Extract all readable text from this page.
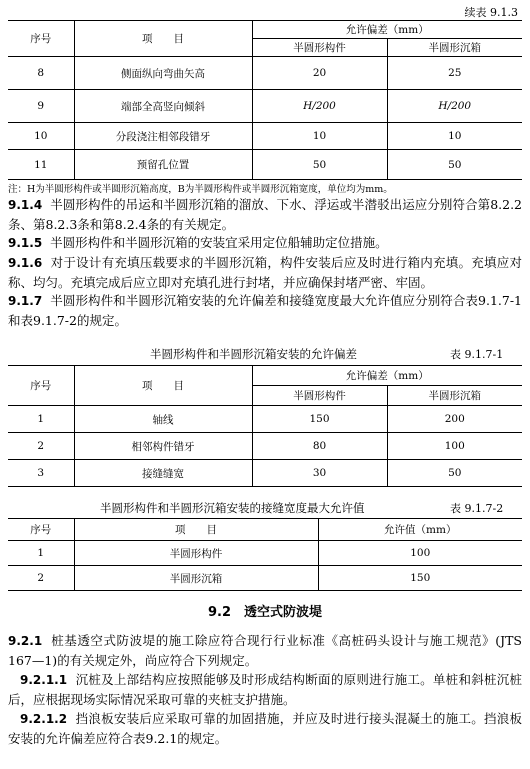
续表 9.1.3
序号	项　　目	允许偏差（mm）	
		半圆形构件	半圆形沉箱
8	侧面纵向弯曲矢高	20	25
9	端部全高竖向倾斜	H/200	H/200
10	分段浇注相邻段错牙	10	10
11	预留孔位置	50	50
注：H为半圆形构件或半圆形沉箱高度，B为半圆形构件或半圆形沉箱宽度，单位均为mm。
9.1.4 半圆形构件的吊运和半圆形沉箱的溜放、下水、浮运或半潜驳出运应分别符合第8.2.2条、第8.2.3条和第8.2.4条的有关规定。
9.1.5 半圆形构件和半圆形沉箱的安装宜采用定位船辅助定位措施。
9.1.6 对于设计有充填压载要求的半圆形沉箱，构件安装后应及时进行箱内充填。充填应对称、均匀。充填完成后应立即对充填孔进行封堵，并应确保封堵严密、牢固。
9.1.7 半圆形构件和半圆形沉箱安装的允许偏差和接缝宽度最大允许值应分别符合表9.1.7-1和表9.1.7-2的规定。
半圆形构件和半圆形沉箱安装的允许偏差	表 9.1.7-1
序号	项　　目	允许偏差（mm）	
		半圆形构件	半圆形沉箱
1	轴线	150	200
2	相邻构件错牙	80	100
3	接缝缝宽	30	50
半圆形构件和半圆形沉箱安装的接缝宽度最大允许值	表 9.1.7-2
序号	项　　目	允许值（mm）
1	半圆形构件	100
2	半圆形沉箱	150
9.2　透空式防波堤
9.2.1 桩基透空式防波堤的施工除应符合现行行业标准《高桩码头设计与施工规范》(JTS 167—1)的有关规定外，尚应符合下列规定。
9.2.1.1 沉桩及上部结构应按照能够及时形成结构断面的原则进行施工。单桩和斜桩沉桩后，应根据现场实际情况采取可靠的夹桩支护措施。
9.2.1.2 挡浪板安装后应采取可靠的加固措施，并应及时进行接头混凝土的施工。挡浪板安装的允许偏差应符合表9.2.1的规定。
